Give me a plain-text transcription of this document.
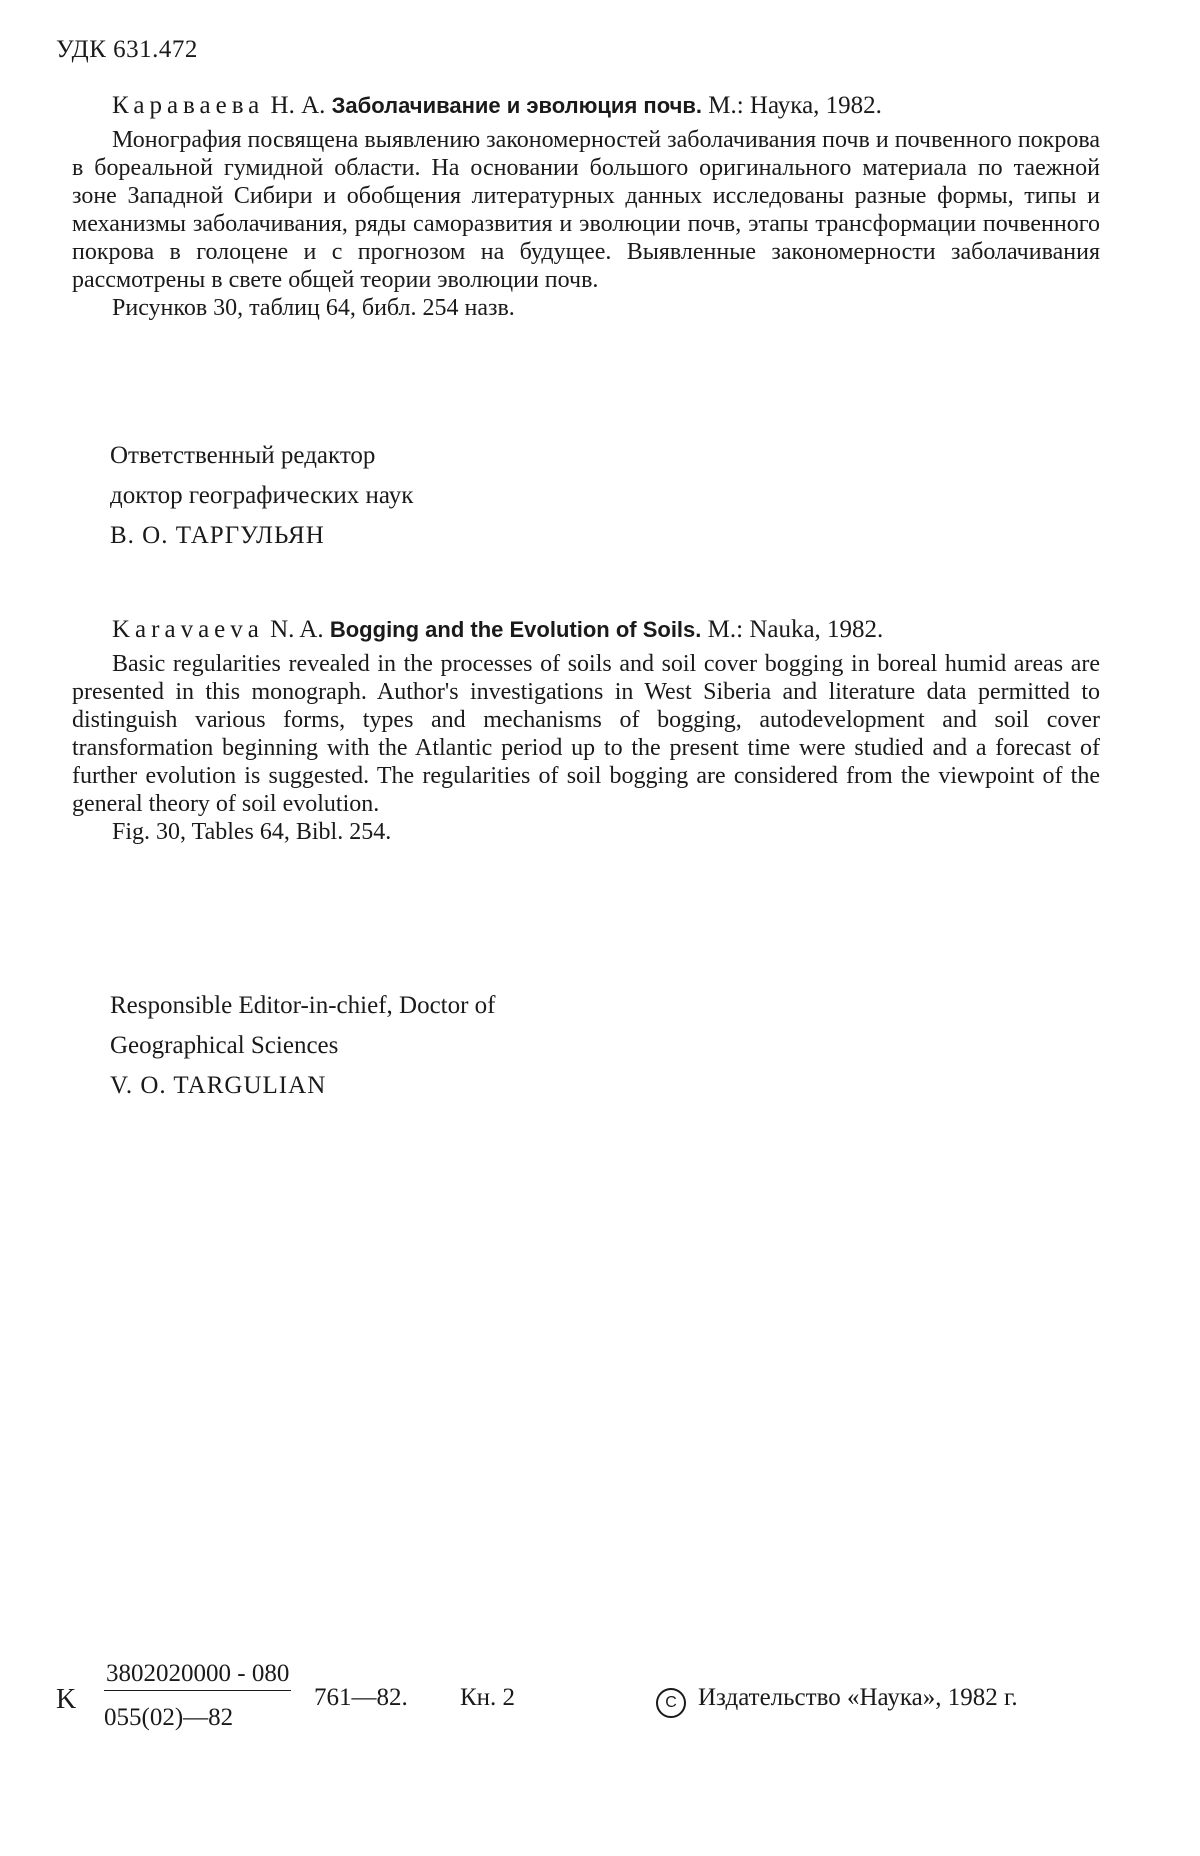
УДК 631.472

Караваева Н. А. Заболачивание и эволюция почв. М.: Наука, 1982.

Монография посвящена выявлению закономерностей заболачивания почв и почвенного покрова в бореальной гумидной области. На основании большого оригинального материала по таежной зоне Западной Сибири и обобщения литературных данных исследованы разные формы, типы и механизмы заболачивания, ряды саморазвития и эволюции почв, этапы трансформации почвенного покрова в голоцене и с прогнозом на будущее. Выявленные закономерности заболачивания рассмотрены в свете общей теории эволюции почв.

Рисунков 30, таблиц 64, библ. 254 назв.

Ответственный редактор
доктор географических наук
В. О. ТАРГУЛЬЯН

Karavaeva N. A. Bogging and the Evolution of Soils. M.: Nauka, 1982.

Basic regularities revealed in the processes of soils and soil cover bogging in boreal humid areas are presented in this monograph. Author's investigations in West Siberia and literature data permitted to distinguish various forms, types and mechanisms of bogging, autodevelopment and soil cover transformation beginning with the Atlantic period up to the present time were studied and a forecast of further evolution is suggested. The regularities of soil bogging are considered from the viewpoint of the general theory of soil evolution.

Fig. 30, Tables 64, Bibl. 254.

Responsible Editor-in-chief, Doctor of
Geographical Sciences
V. O. TARGULIAN
K
3802020000 - 080
055(02)—82
761—82. Кн. 2	C Издательство «Наука», 1982 г.
